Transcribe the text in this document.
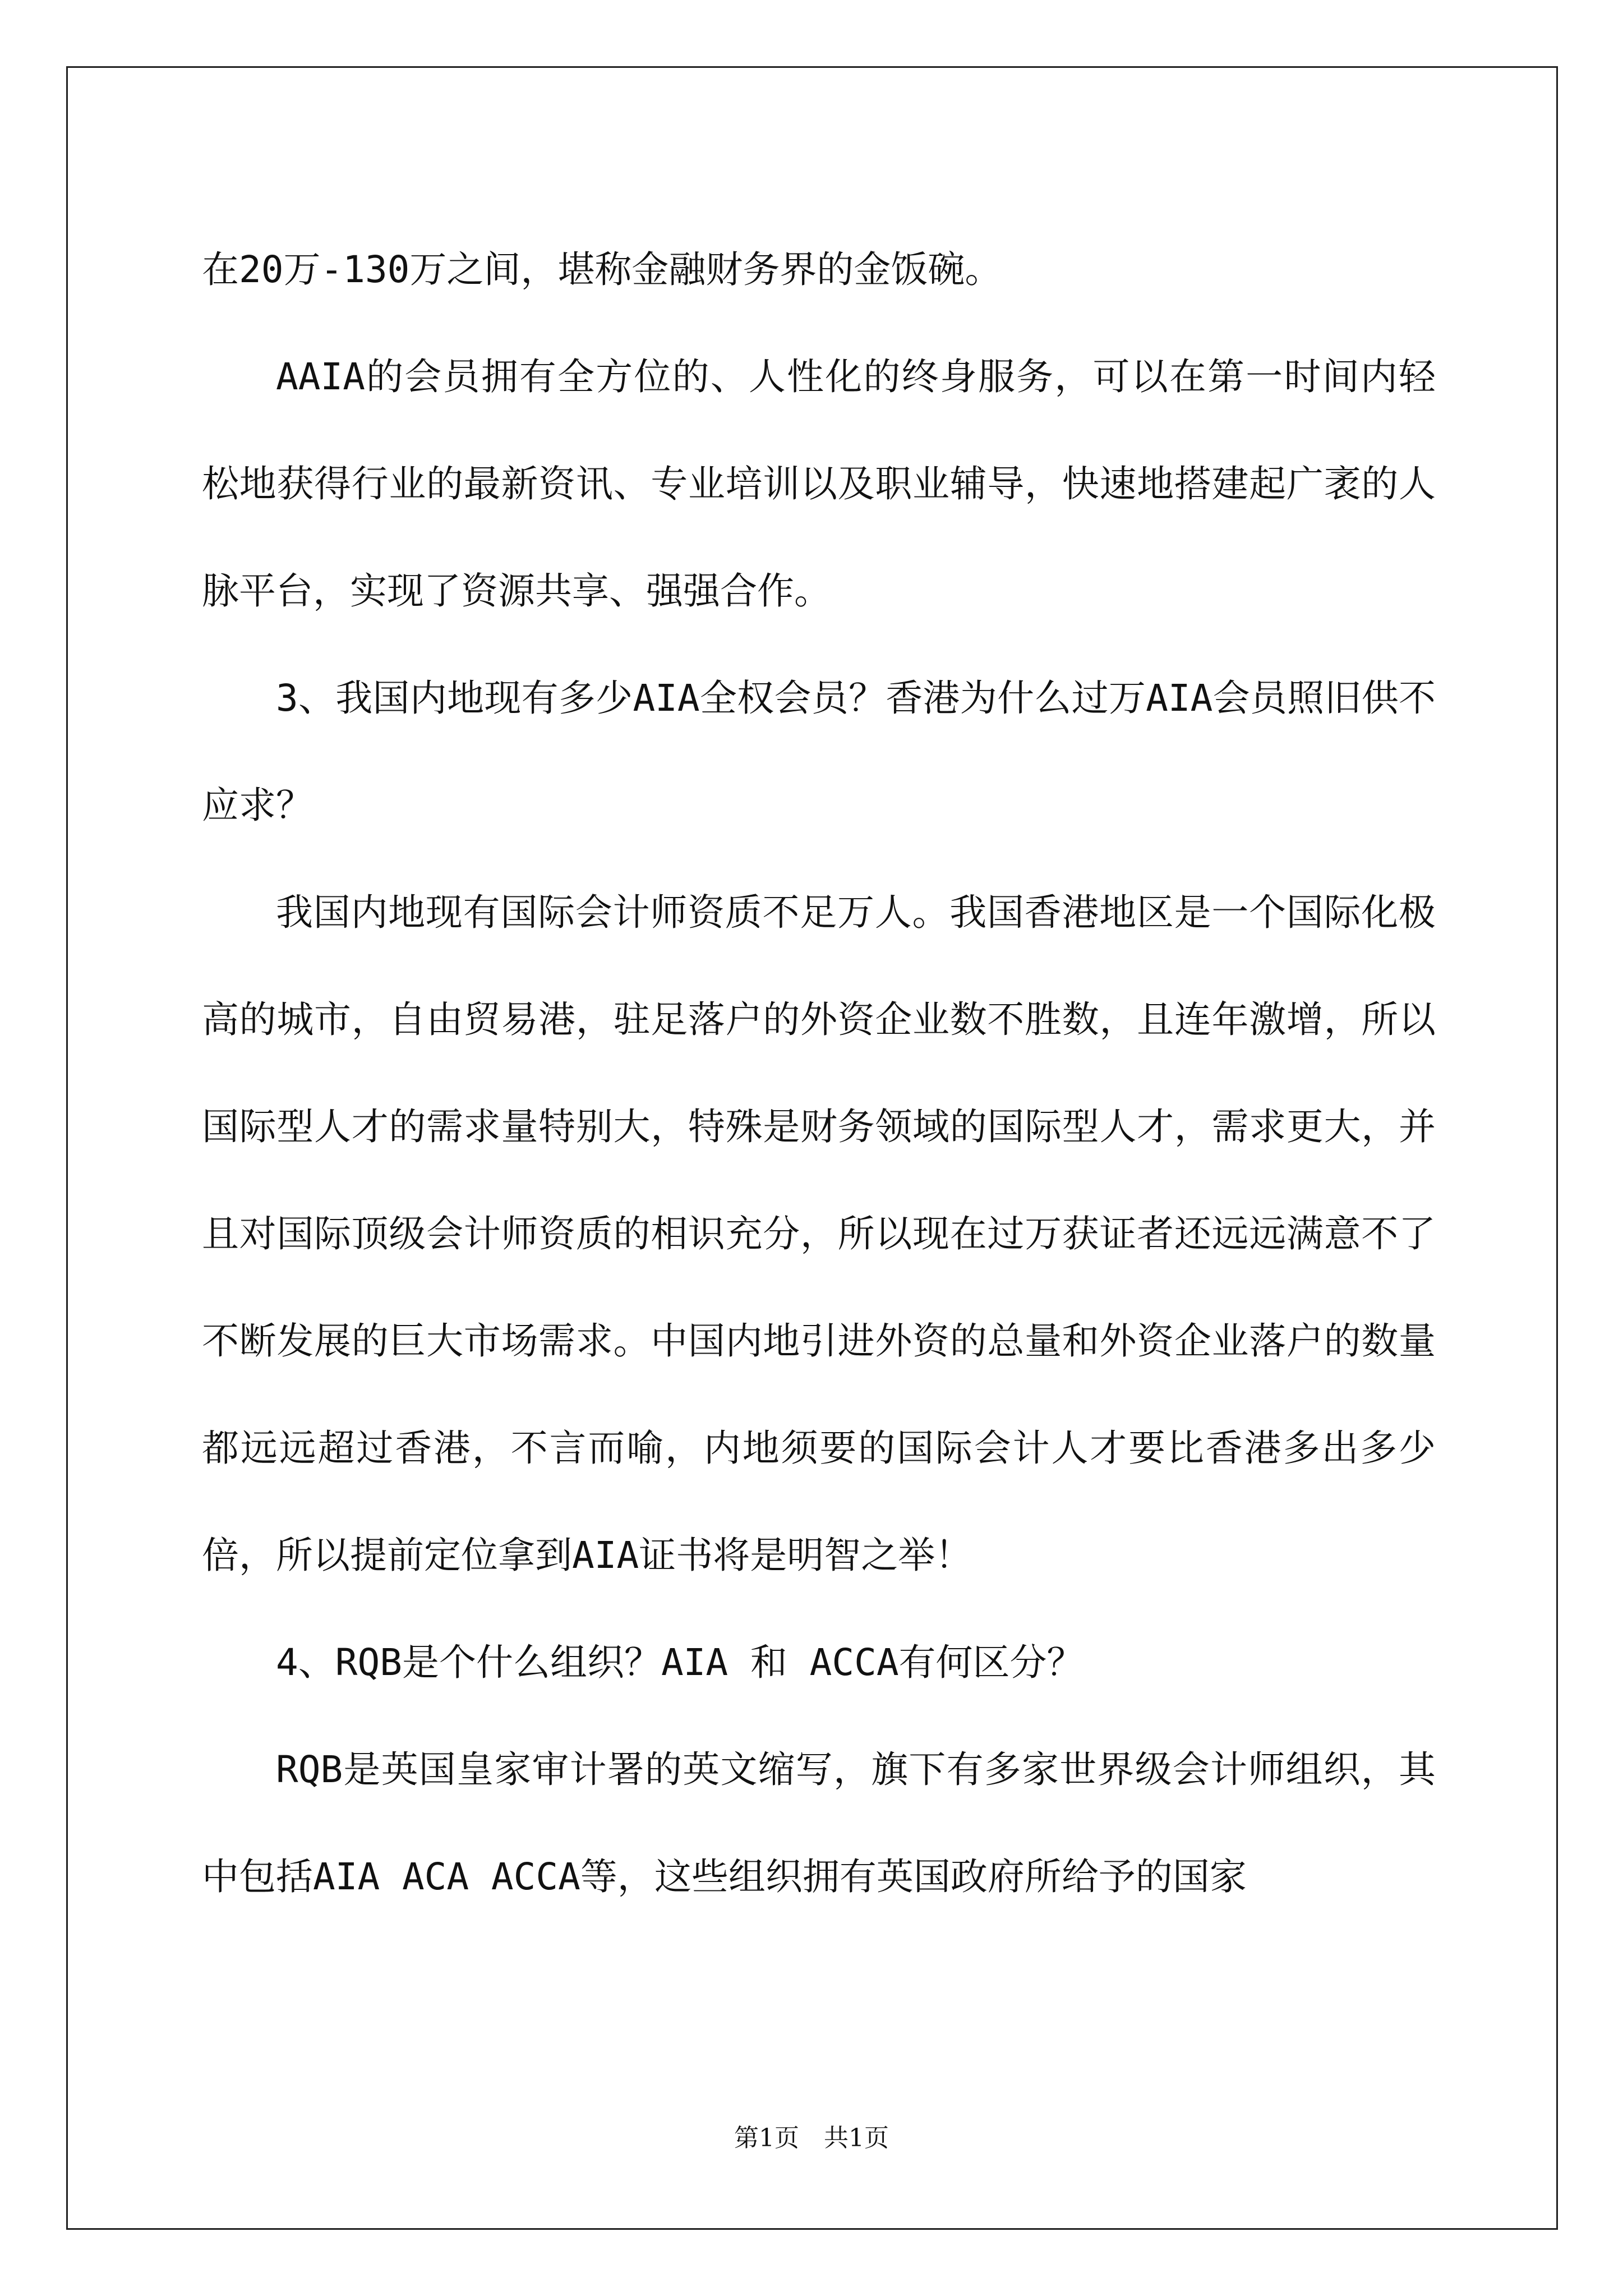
在20万-130万之间，堪称金融财务界的金饭碗。

AAIA的会员拥有全方位的、人性化的终身服务，可以在第一时间内轻松地获得行业的最新资讯、专业培训以及职业辅导，快速地搭建起广袤的人脉平台，实现了资源共享、强强合作。

3、我国内地现有多少AIA全权会员？香港为什么过万AIA会员照旧供不应求？

我国内地现有国际会计师资质不足万人。我国香港地区是一个国际化极高的城市，自由贸易港，驻足落户的外资企业数不胜数，且连年激增，所以国际型人才的需求量特别大，特殊是财务领域的国际型人才，需求更大，并且对国际顶级会计师资质的相识充分，所以现在过万获证者还远远满意不了不断发展的巨大市场需求。中国内地引进外资的总量和外资企业落户的数量都远远超过香港，不言而喻，内地须要的国际会计人才要比香港多出多少倍，所以提前定位拿到AIA证书将是明智之举！

4、RQB是个什么组织？AIA 和 ACCA有何区分？

RQB是英国皇家审计署的英文缩写，旗下有多家世界级会计师组织，其中包括AIA ACA ACCA等，这些组织拥有英国政府所给予的国家

第1页　共1页
